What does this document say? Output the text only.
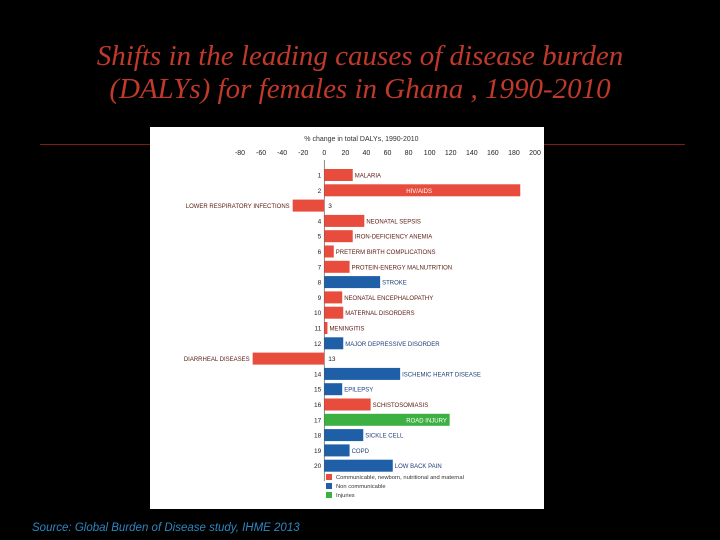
Shifts in the leading causes of disease burden
(DALYs) for females in Ghana , 1990-2010
% change in total DALYs, 1990-2010
-80 -60 -40 -20 0 20 40 60 80 100 120 140 160 180 200
1	MALARIA
2	HIV/AIDS
LOWER RESPIRATORY INFECTIONS	3
4	NEONATAL SEPSIS
5	IRON-DEFICIENCY ANEMIA
6 PRETERM BIRTH COMPLICATIONS
7	PROTEIN-ENERGY MALNUTRITION
8	STROKE
9	NEONATAL ENCEPHALOPATHY
10	MATERNAL DISORDERS
11 MENINGITIS
12	MAJOR DEPRESSIVE DISORDER
DIARRHEAL DISEASES	13
14	ISCHEMIC HEART DISEASE
15	EPILEPSY
16	SCHISTOSOMIASIS
17	ROAD INJURY
18	SICKLE CELL
19	COPD
20	LOW BACK PAIN
Communicable, newborn, nutritional and maternal
Non communicable
Injuries
Source: Global Burden of Disease study, IHME 2013
